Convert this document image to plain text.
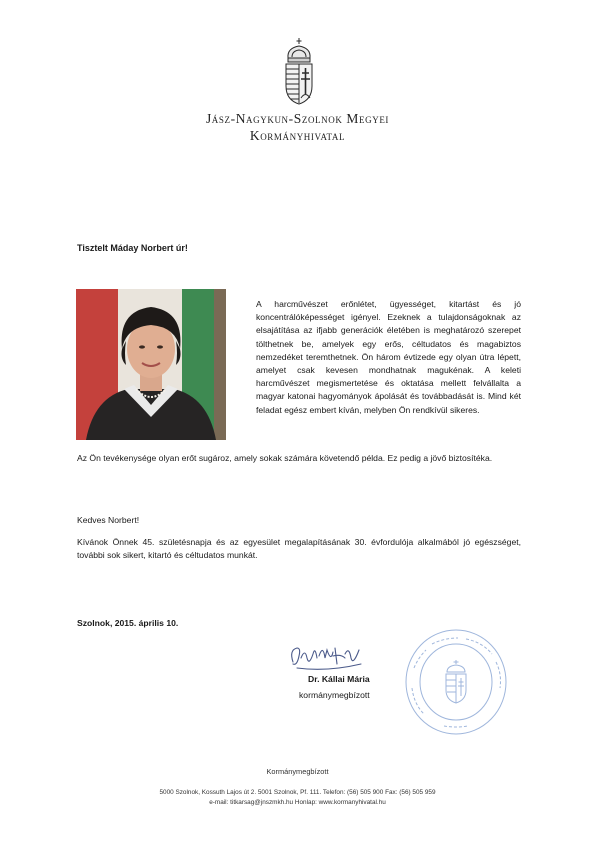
Jász-Nagykun-Szolnok Megyei
Kormányhivatal
Tisztelt Máday Norbert úr!
A harcművészet erőnlétet, ügyességet, kitartást és jó koncentrálóképességet igényel. Ezeknek a tulajdonságoknak az elsajátítása az ifjabb generációk életében is meghatározó szerepet tölthetnek be, amelyek egy erős, céltudatos és magabiztos nemzedéket teremthetnek. Ön három évtizede egy olyan útra lépett, amelyet csak kevesen mondhatnak magukénak. A keleti harcművészet megismertetése és oktatása mellett felvállalta a magyar katonai hagyományok ápolását és továbbadását is. Mind két feladat egész embert kíván, melyben Ön rendkívül sikeres.
Az Ön tevékenysége olyan erőt sugároz, amely sokak számára követendő példa. Ez pedig a jövő biztosítéka.
Kedves Norbert!
Kívánok Önnek 45. születésnapja és az egyesület megalapításának 30. évfordulója alkalmából jó egészséget, további sok sikert, kitartó és céltudatos munkát.
Szolnok, 2015. április 10.
Dr. Kállai Mária
kormánymegbízott
Kormánymegbízott
5000 Szolnok, Kossuth Lajos út 2. 5001 Szolnok, Pf. 111. Telefon: (56) 505 900 Fax: (56) 505 959
e-mail: titkarsag@jnszmkh.hu Honlap: www.kormanyhivatal.hu
